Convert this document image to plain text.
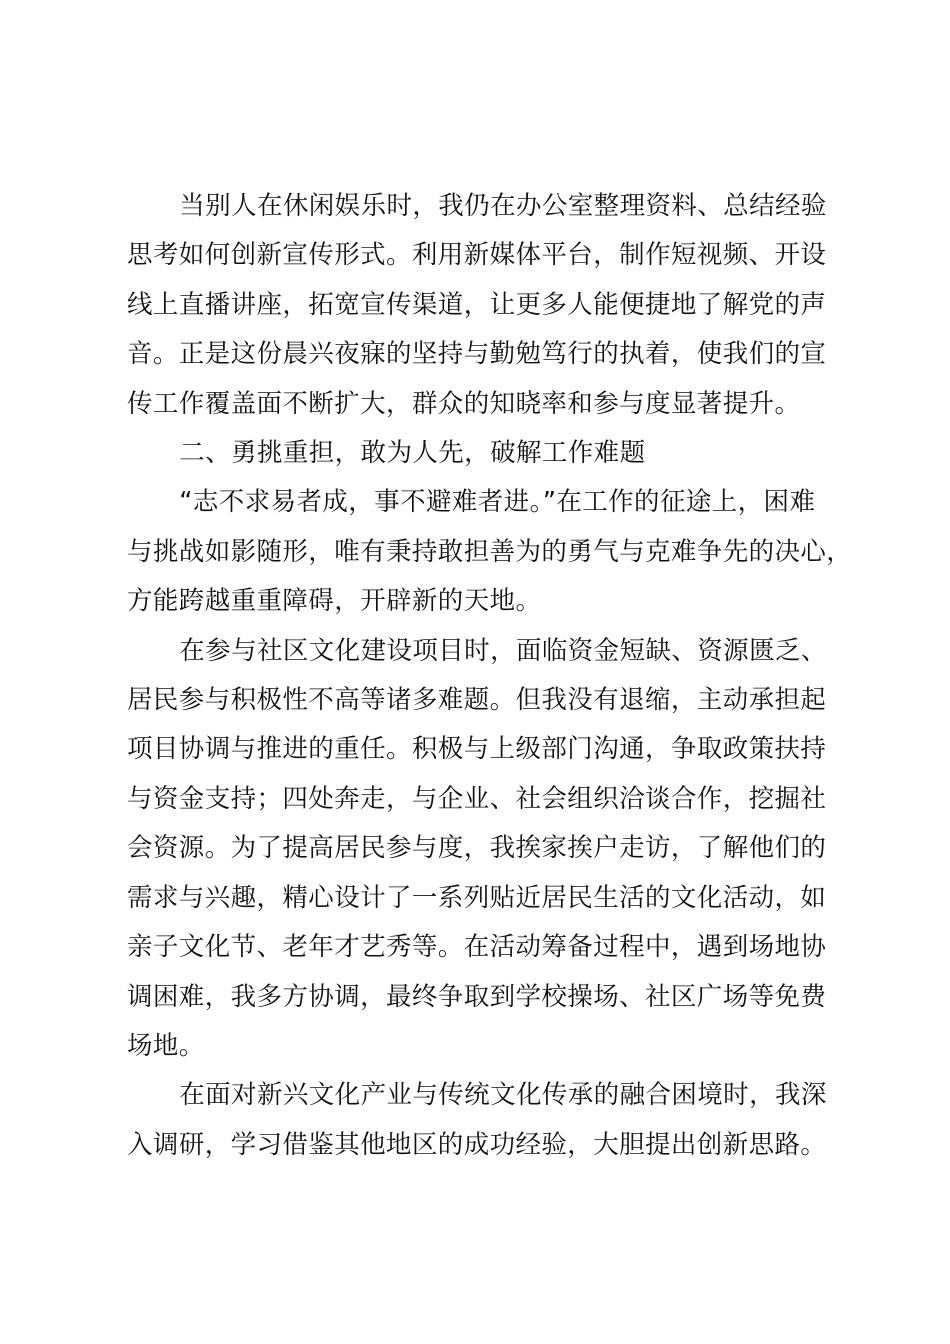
当别人在休闲娱乐时，我仍在办公室整理资料、总结经验
思考如何创新宣传形式。利用新媒体平台，制作短视频、开设
线上直播讲座，拓宽宣传渠道，让更多人能便捷地了解党的声
音。正是这份晨兴夜寐的坚持与勤勉笃行的执着，使我们的宣
传工作覆盖面不断扩大，群众的知晓率和参与度显著提升。

二、勇挑重担，敢为人先，破解工作难题

“志不求易者成，事不避难者进。”在工作的征途上，困难
与挑战如影随形，唯有秉持敢担善为的勇气与克难争先的决心，
方能跨越重重障碍，开辟新的天地。

在参与社区文化建设项目时，面临资金短缺、资源匮乏、
居民参与积极性不高等诸多难题。但我没有退缩，主动承担起
项目协调与推进的重任。积极与上级部门沟通，争取政策扶持
与资金支持；四处奔走，与企业、社会组织洽谈合作，挖掘社
会资源。为了提高居民参与度，我挨家挨户走访，了解他们的
需求与兴趣，精心设计了一系列贴近居民生活的文化活动，如
亲子文化节、老年才艺秀等。在活动筹备过程中，遇到场地协
调困难，我多方协调，最终争取到学校操场、社区广场等免费
场地。

在面对新兴文化产业与传统文化传承的融合困境时，我深
入调研，学习借鉴其他地区的成功经验，大胆提出创新思路。
